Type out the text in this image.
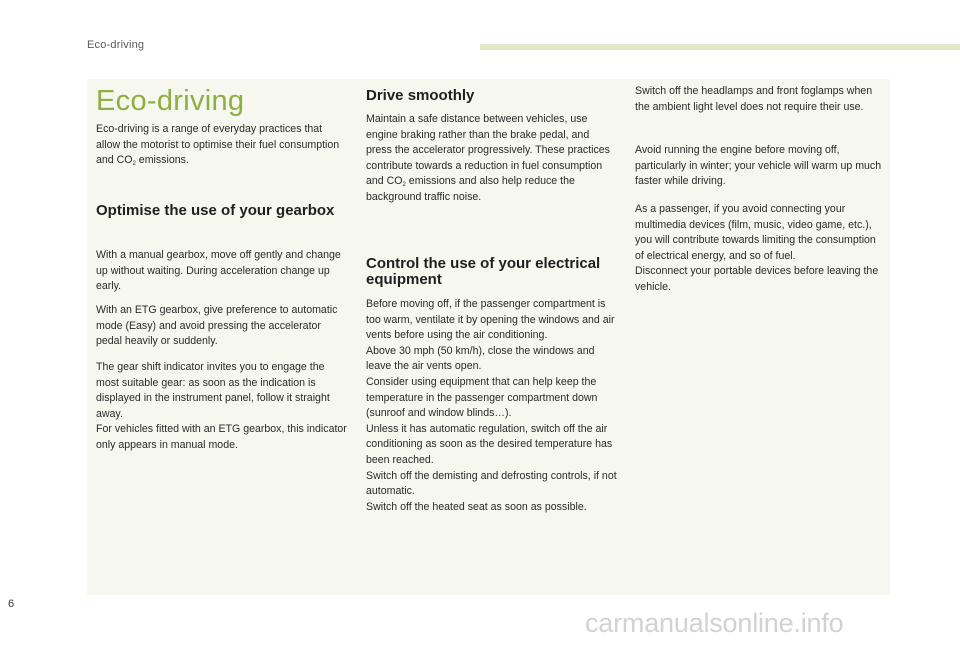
Eco-driving
Eco-driving

Eco-driving is a range of everyday practices that allow the motorist to optimise their fuel consumption and $CO_2$ emissions.

Optimise the use of your gearbox

With a manual gearbox, move off gently and change up without waiting. During acceleration change up early.

With an ETG gearbox, give preference to automatic mode (Easy) and avoid pressing the accelerator pedal heavily or suddenly.

The gear shift indicator invites you to engage the most suitable gear: as soon as the indication is displayed in the instrument panel, follow it straight away.

For vehicles fitted with an ETG gearbox, this indicator only appears in manual mode.

Drive smoothly

Maintain a safe distance between vehicles, use engine braking rather than the brake pedal, and press the accelerator progressively. These practices contribute towards a reduction in fuel consumption and $CO_2$ emissions and also help reduce the background traffic noise.

Control the use of your electrical equipment

Before moving off, if the passenger compartment is too warm, ventilate it by opening the windows and air vents before using the air conditioning.

Above 30 mph (50 km/h), close the windows and leave the air vents open.

Consider using equipment that can help keep the temperature in the passenger compartment down (sunroof and window blinds…).

Unless it has automatic regulation, switch off the air conditioning as soon as the desired temperature has been reached.

Switch off the demisting and defrosting controls, if not automatic.

Switch off the heated seat as soon as possible.

Switch off the headlamps and front foglamps when the ambient light level does not require their use.

Avoid running the engine before moving off, particularly in winter; your vehicle will warm up much faster while driving.

As a passenger, if you avoid connecting your multimedia devices (film, music, video game, etc.), you will contribute towards limiting the consumption of electrical energy, and so of fuel.

Disconnect your portable devices before leaving the vehicle.

6
carmanualsonline.info
